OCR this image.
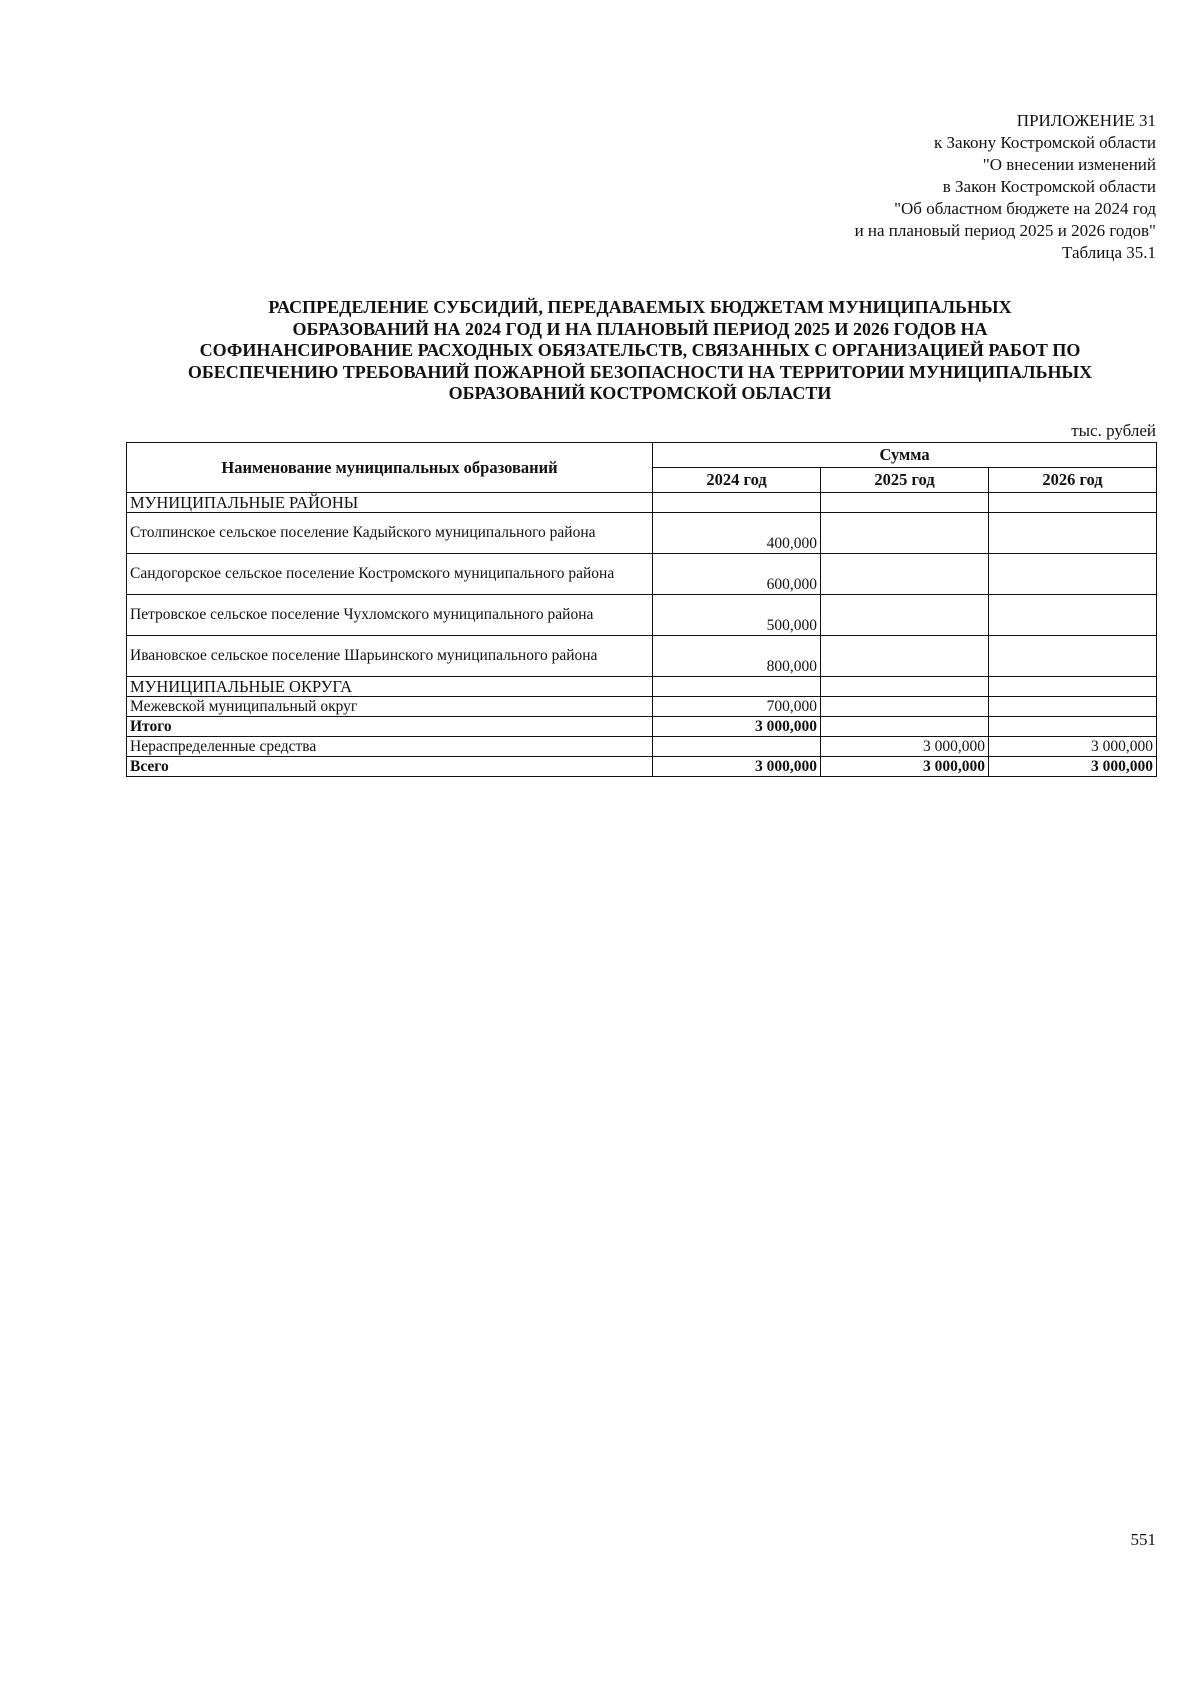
ПРИЛОЖЕНИЕ 31
к Закону Костромской области
"О внесении изменений
в Закон Костромской области
"Об областном бюджете на 2024 год
и на плановый период 2025 и 2026 годов"
Таблица 35.1
РАСПРЕДЕЛЕНИЕ СУБСИДИЙ, ПЕРЕДАВАЕМЫХ БЮДЖЕТАМ МУНИЦИПАЛЬНЫХ
ОБРАЗОВАНИЙ НА 2024 ГОД И НА ПЛАНОВЫЙ ПЕРИОД 2025 И 2026 ГОДОВ НА
СОФИНАНСИРОВАНИЕ РАСХОДНЫХ ОБЯЗАТЕЛЬСТВ, СВЯЗАННЫХ С ОРГАНИЗАЦИЕЙ РАБОТ ПО
ОБЕСПЕЧЕНИЮ ТРЕБОВАНИЙ ПОЖАРНОЙ БЕЗОПАСНОСТИ НА ТЕРРИТОРИИ МУНИЦИПАЛЬНЫХ
ОБРАЗОВАНИЙ КОСТРОМСКОЙ ОБЛАСТИ
тыс. рублей
Наименование муниципальных образований	Сумма		
	2024 год	2025 год	2026 год
МУНИЦИПАЛЬНЫЕ РАЙОНЫ			
Столпинское сельское поселение Кадыйского муниципального района	400,000		
Сандогорское сельское поселение Костромского муниципального района	600,000		
Петровское сельское поселение Чухломского муниципального района	500,000		
Ивановское сельское поселение Шарьинского муниципального района	800,000		
МУНИЦИПАЛЬНЫЕ ОКРУГА			
Межевской муниципальный округ	700,000		
Итого	3 000,000		
Нераспределенные средства		3 000,000	3 000,000
Всего	3 000,000	3 000,000	3 000,000
551
